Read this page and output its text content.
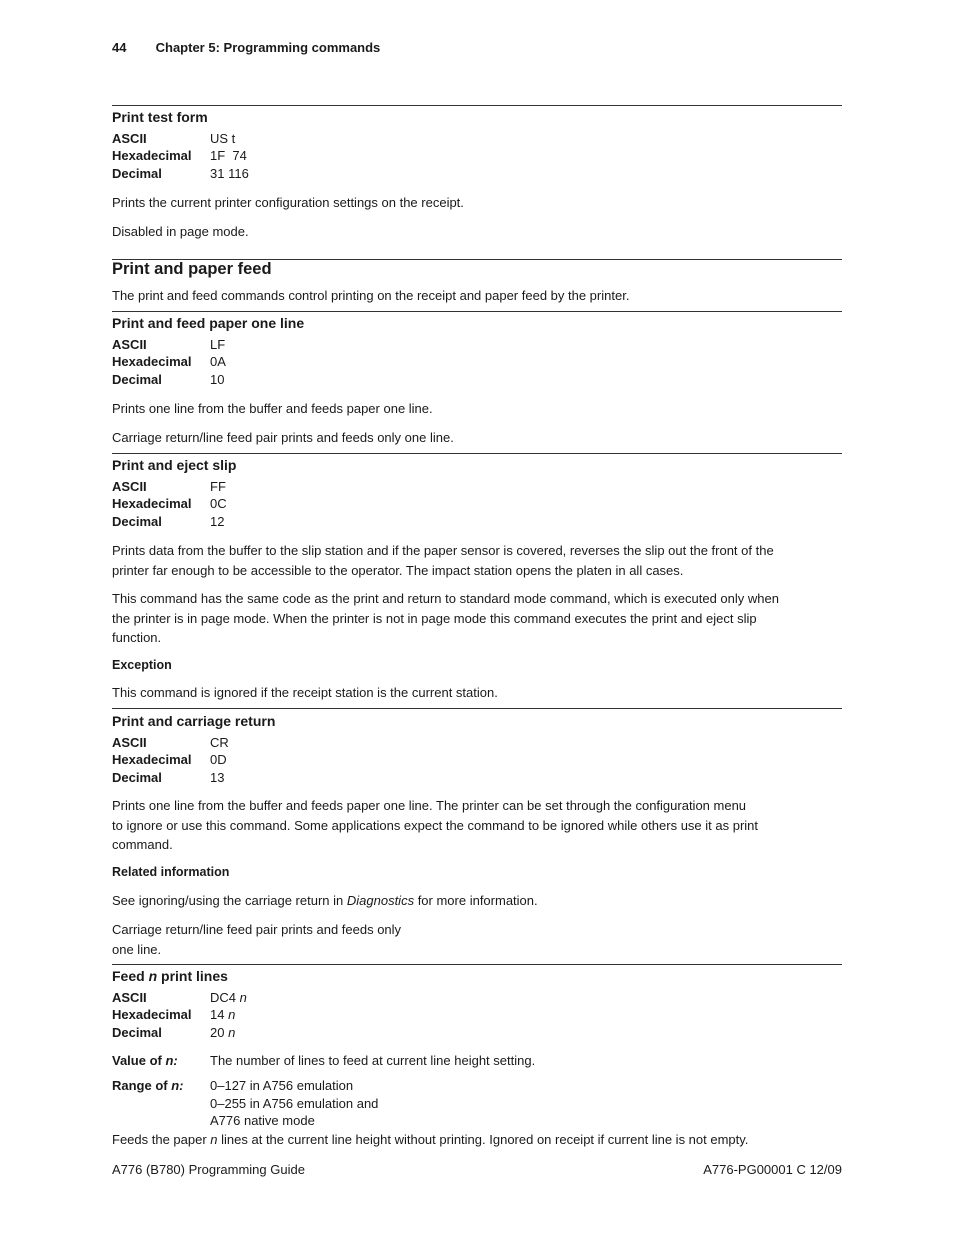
44 Chapter 5: Programming commands
Print test form
ASCII	US t
Hexadecimal 1F  74
Decimal	31 116

Prints the current printer configuration settings on the receipt.

Disabled in page mode.

Print and paper feed

The print and feed commands control printing on the receipt and paper feed by the printer.

Print and feed paper one line
ASCII	LF
Hexadecimal 0A
Decimal	10

Prints one line from the buffer and feeds paper one line.

Carriage return/line feed pair prints and feeds only one line.

Print and eject slip
ASCII	FF
Hexadecimal 0C
Decimal	12
Prints data from the buffer to the slip station and if the paper sensor is covered, reverses the slip out the front of the
printer far enough to be accessible to the operator. The impact station opens the platen in all cases.
This command has the same code as the print and return to standard mode command, which is executed only when
the printer is in page mode. When the printer is not in page mode this command executes the print and eject slip
function.
Exception

This command is ignored if the receipt station is the current station.

Print and carriage return
ASCII	CR
Hexadecimal 0D
Decimal	13
Prints one line from the buffer and feeds paper one line. The printer can be set through the configuration menu
to ignore or use this command. Some applications expect the command to be ignored while others use it as print
command.
Related information

See ignoring/using the carriage return in Diagnostics for more information.

Carriage return/line feed pair prints and feeds only
one line.
Feed n print lines
ASCII	DC4 n
Hexadecimal 14 n
Decimal	20 n
Value of n: The number of lines to feed at current line height setting.
Range of n:	0–127 in A756 emulation
0–255 in A756 emulation and
A776 native mode

Feeds the paper n lines at the current line height without printing. Ignored on receipt if current line is not empty.

A776 (B780) Programming Guide	A776-PG00001 C 12/09
